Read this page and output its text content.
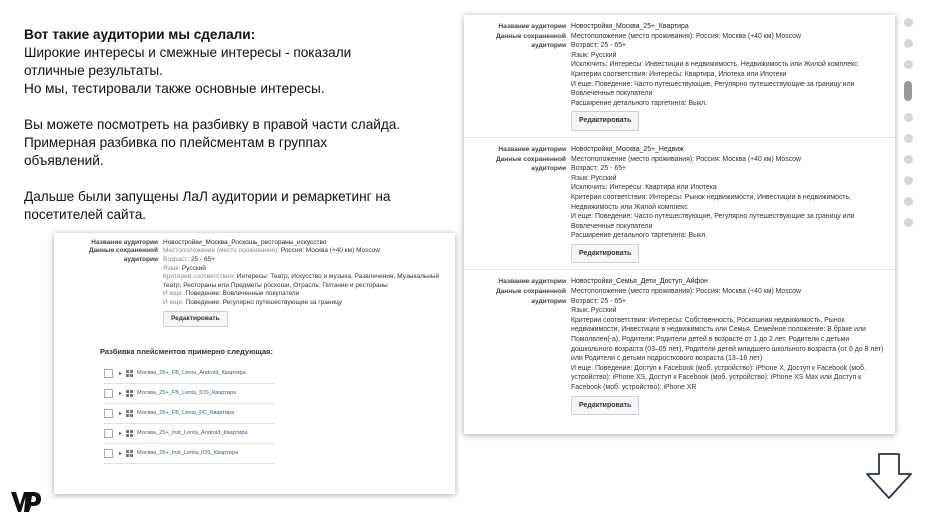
Вот такие аудитории мы сделали:

Широкие интересы и смежные интересы - показали

отличные результаты.

Но мы, тестировали также основные интересы.

Вы можете посмотреть на разбивку в правой части слайда.

Примерная разбивка по плейсментам в группах

объявлений.

Дальше были запущены ЛаЛ аудитории и ремаркетинг на

посетителей сайта.

Название аудитории Новостройки_Москва_Роскошь_рестораны_искусство
Данные сохраненной аудитории
Местоположение (место проживания): Россия: Москва (+40 км) Moscow
Возраст: 25 - 65+
Язык: Русский
Критерии соответствия: Интересы: Театр, Искусство и музыка, Развлечения, Музыкальный театр, Рестораны или Предметы роскоши, Отрасль: Питание и рестораны
И еще: Поведение: Вовлеченные покупатели
И еще: Поведение: Регулярно путешествующие за границу
Редактировать
Разбивка плейсментов примерно следующая:
▸	Москва_25+_FB_Lenta_Android_Квартира
▸	Москва_25+_FB_Lenta_IOS_Квартира
▸	Москва_25+_FB_Lenta_PC_Квартира
▸	Москва_25+_Inst_Lenta_Android_Квартира
▸	Москва_25+_Inst_Lenta_IOS_Квартира
Название аудитории Новостройки_Москва_25+_Квартира
Данные сохраненной аудитории
Местоположение (место проживания): Россия: Москва (+40 км) Moscow
Возраст: 25 - 65+
Язык: Русский
Исключить: Интересы: Инвестиции в недвижимость, Недвижимость или Жилой комплекс
Критерии соответствия: Интересы: Квартира, Ипотека или Ипотеки
И еще: Поведение: Часто путешествующие, Регулярно путешествующие за границу или Вовлеченные покупатели
Расширение детального таргетинга: Выкл.
Редактировать
Название аудитории Новостройки_Москва_25+_Недвиж
Данные сохраненной аудитории
Местоположение (место проживания): Россия: Москва (+40 км) Moscow
Возраст: 25 - 65+
Язык: Русский
Исключить: Интересы: Квартира или Ипотека
Критерии соответствия: Интересы: Рынок недвижимости, Инвестиции в недвижимость, Недвижимость или Жилой комплекс
И еще: Поведение: Часто путешествующие, Регулярно путешествующие за границу или Вовлеченные покупатели
Расширение детального таргетинга: Выкл.
Редактировать
Название аудитории Новостройки_Семья_Дети_Доступ_Айфон
Данные сохраненной аудитории
Местоположение (место проживания): Россия: Москва (+40 км) Moscow
Возраст: 25 - 65+
Язык: Русский
Критерии соответствия: Интересы: Собственность, Роскошная недвижимость, Рынок недвижимости, Инвестиции в недвижимость или Семья, Семейное положение: В браке или Помолвлен(-а), Родители: Родители детей в возрасте от 1 до 2 лет, Родители с детьми дошкольного возраста (03–05 лет), Родители детей младшего школьного возраста (от 6 до 8 лет) или Родители с детьми подросткового возраста (13–18 лет)
И еще: Поведение: Доступ к Facebook (моб. устройство): iPhone X, Доступ к Facebook (моб. устройство): iPhone XS, Доступ к Facebook (моб. устройство): iPhone XS Max или Доступ к Facebook (моб. устройство): iPhone XR
Редактировать
